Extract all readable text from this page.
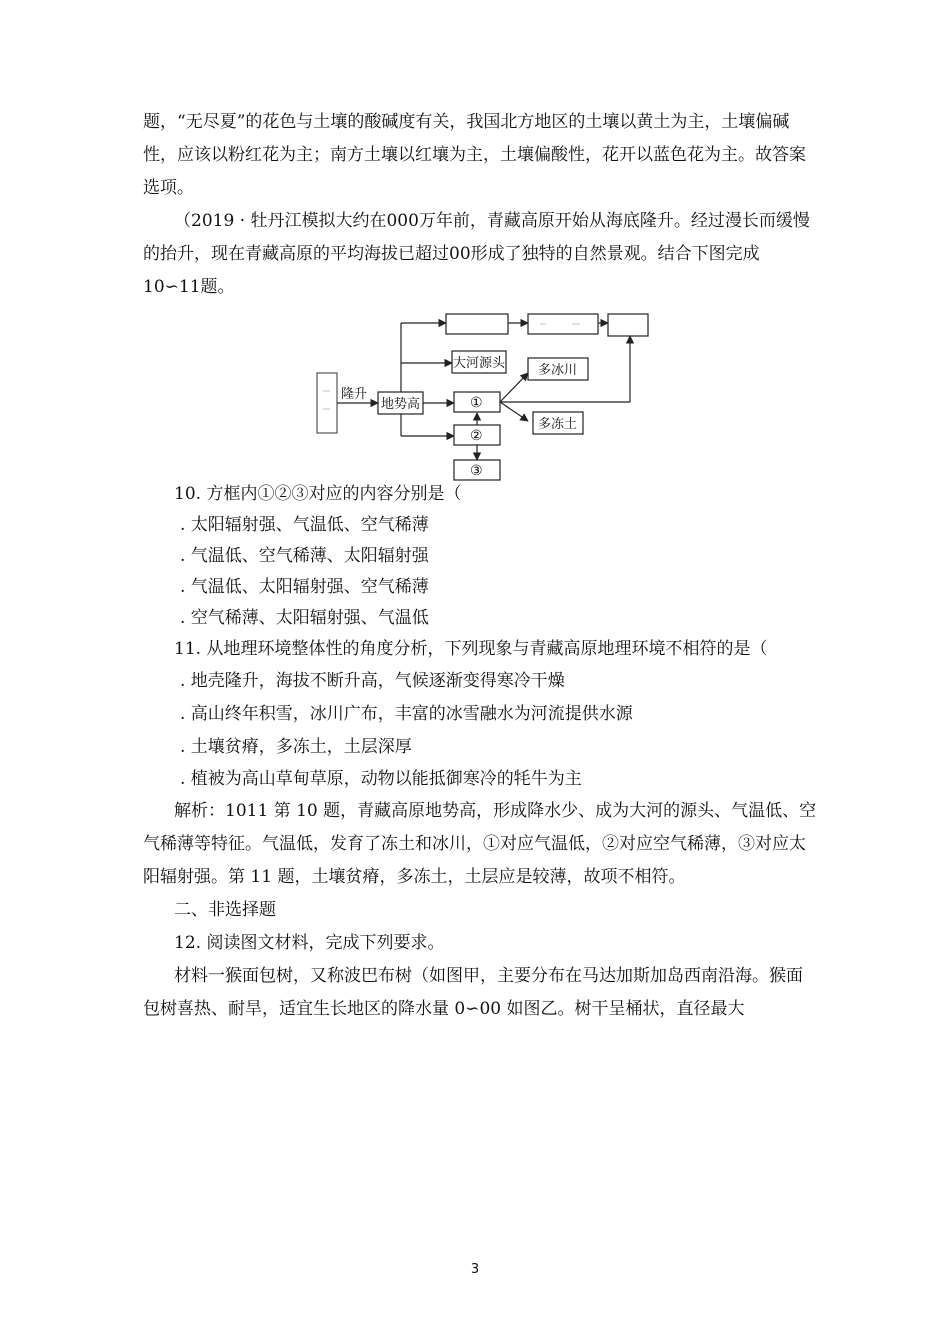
题，“无尽夏”的花色与土壤的酸碱度有关，我国北方地区的土壤以黄土为主，土壤偏碱
性，应该以粉红花为主；南方土壤以红壤为主，土壤偏酸性，花开以蓝色花为主。故答案
选项。
（2019 · 牡丹江模拟大约在000万年前，青藏高原开始从海底隆升。经过漫长而缓慢
的抬升，现在青藏高原的平均海拔已超过00形成了独特的自然景观。结合下图完成
10∽11题。
隆升
地势高
大河源头	多冰川
①
②
③
多冻土
10. 方框内①②③对应的内容分别是（
. 太阳辐射强、气温低、空气稀薄
. 气温低、空气稀薄、太阳辐射强
. 气温低、太阳辐射强、空气稀薄
. 空气稀薄、太阳辐射强、气温低
11. 从地理环境整体性的角度分析，下列现象与青藏高原地理环境不相符的是（
. 地壳隆升，海拔不断升高，气候逐渐变得寒冷干燥
. 高山终年积雪，冰川广布，丰富的冰雪融水为河流提供水源
. 土壤贫瘠，多冻土，土层深厚
. 植被为高山草甸草原，动物以能抵御寒冷的牦牛为主
解析：1011 第 10 题，青藏高原地势高，形成降水少、成为大河的源头、气温低、空
气稀薄等特征。气温低，发育了冻土和冰川，①对应气温低，②对应空气稀薄，③对应太
阳辐射强。第 11 题，土壤贫瘠，多冻土，土层应是较薄，故项不相符。
二、非选择题
12. 阅读图文材料，完成下列要求。
材料一猴面包树，又称波巴布树（如图甲，主要分布在马达加斯加岛西南沿海。猴面
包树喜热、耐旱，适宜生长地区的降水量 0∽00 如图乙。树干呈桶状，直径最大
3
